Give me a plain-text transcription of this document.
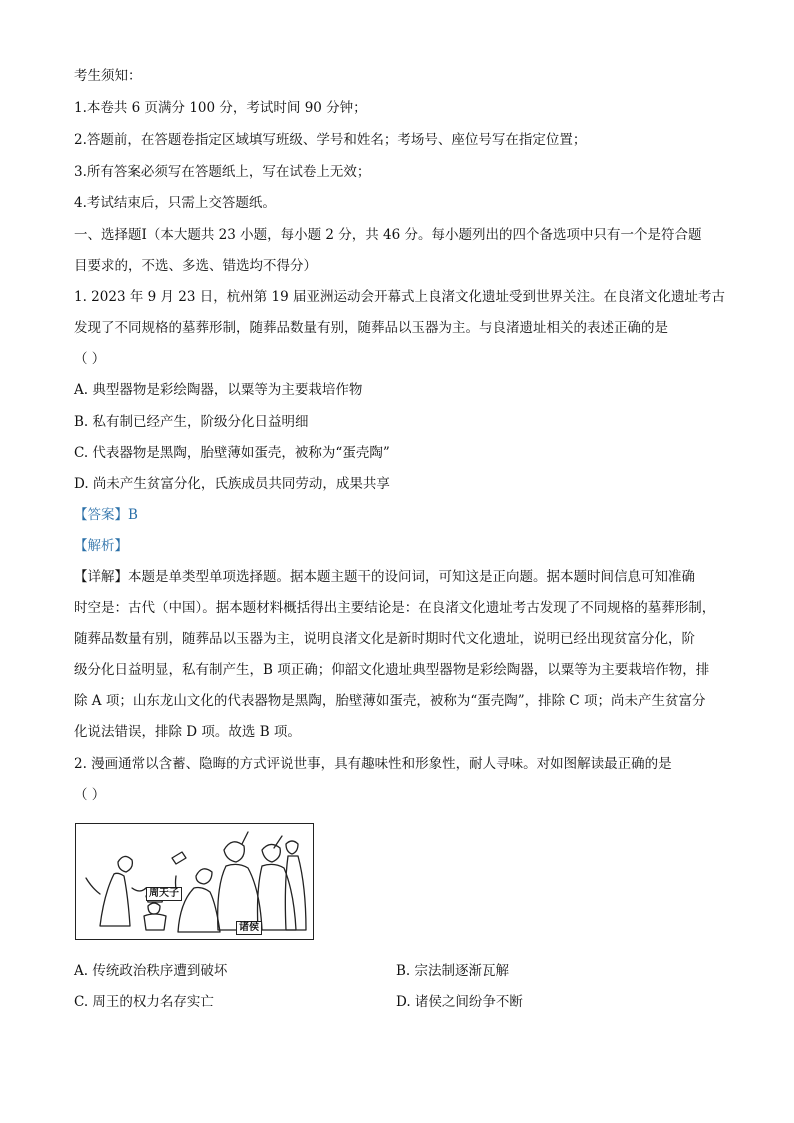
考生须知：
1.本卷共 6 页满分 100 分，考试时间 90 分钟；
2.答题前，在答题卷指定区域填写班级、学号和姓名；考场号、座位号写在指定位置；
3.所有答案必须写在答题纸上，写在试卷上无效；
4.考试结束后，只需上交答题纸。
一、选择题Ⅰ（本大题共 23 小题，每小题 2 分，共 46 分。每小题列出的四个备选项中只有一个是符合题
目要求的，不选、多选、错选均不得分）
1. 2023 年 9 月 23 日，杭州第 19 届亚洲运动会开幕式上良渚文化遗址受到世界关注。在良渚文化遗址考古
发现了不同规格的墓葬形制，随葬品数量有别，随葬品以玉器为主。与良渚遗址相关的表述正确的是
（ ）
A. 典型器物是彩绘陶器，以粟等为主要栽培作物
B. 私有制已经产生，阶级分化日益明细
C. 代表器物是黑陶，胎壁薄如蛋壳，被称为“蛋壳陶”
D. 尚未产生贫富分化，氏族成员共同劳动，成果共享
【答案】B
【解析】
【详解】本题是单类型单项选择题。据本题主题干的设问词，可知这是正向题。据本题时间信息可知准确
时空是：古代（中国）。据本题材料概括得出主要结论是：在良渚文化遗址考古发现了不同规格的墓葬形制，
随葬品数量有别，随葬品以玉器为主，说明良渚文化是新时期时代文化遗址，说明已经出现贫富分化，阶
级分化日益明显，私有制产生，B 项正确；仰韶文化遗址典型器物是彩绘陶器，以粟等为主要栽培作物，排
除 A 项；山东龙山文化的代表器物是黑陶，胎壁薄如蛋壳，被称为“蛋壳陶”，排除 C 项；尚未产生贫富分
化说法错误，排除 D 项。故选 B 项。
2. 漫画通常以含蓄、隐晦的方式评说世事，具有趣味性和形象性，耐人寻味。对如图解读最正确的是
（ ）
周天子
诸侯
A. 传统政治秩序遭到破坏	B. 宗法制逐渐瓦解
C. 周王的权力名存实亡	D. 诸侯之间纷争不断
